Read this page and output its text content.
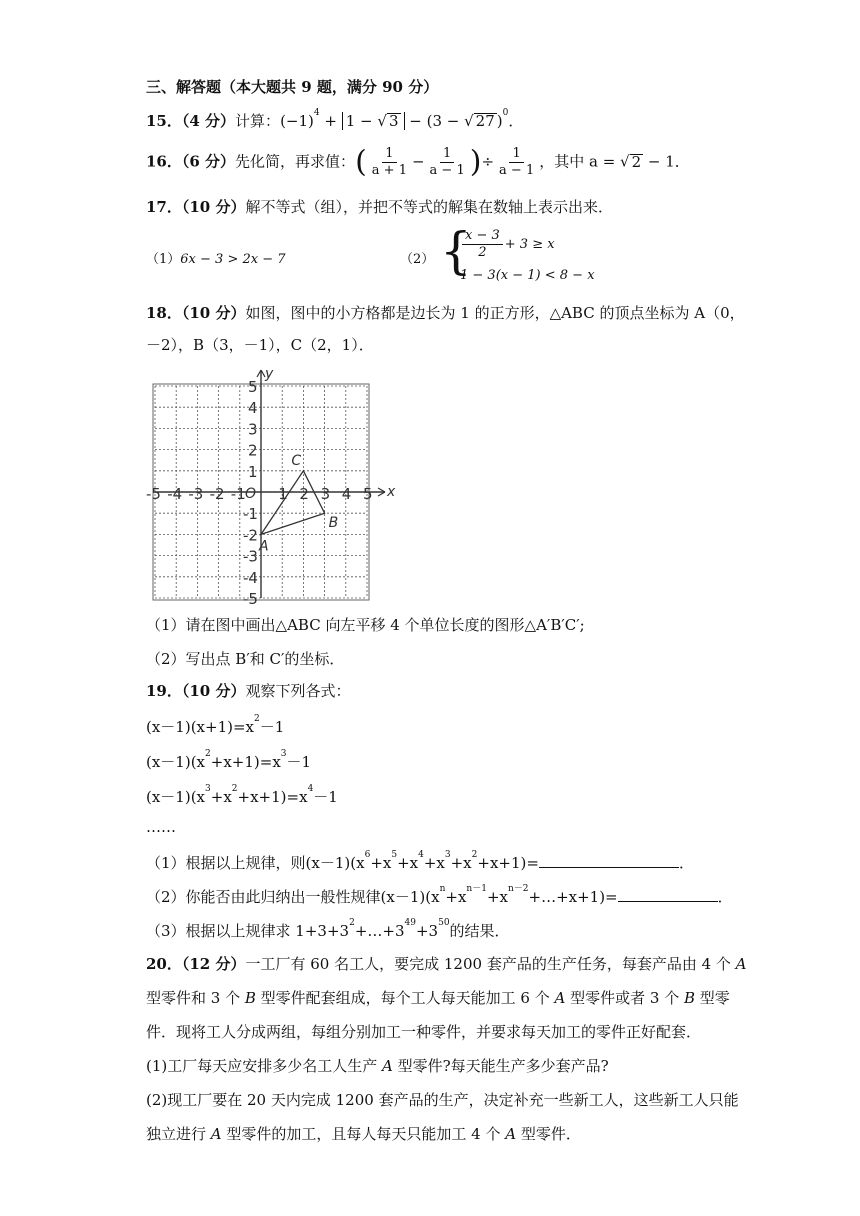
三、解答题（本大题共 9 题，满分 90 分）
15．（4 分）计算：$(-1)^4 + 1$ − √ 3 − (3 − √ 27 )$^0$．
16．（6 分）先化简，再求值：( $\frac{1}{a + 1} - \frac{1}{a - 1}$ )÷ $\frac{1}{a - 1}$ ，其中 a = √ 2 − 1．
17．（10 分）解不等式（组），并把不等式的解集在数轴上表示出来．
（1）6x − 3 > 2x − 7	（2） {
$\frac{x - 3}{2} + 3 \ge x$
1 − 3(x − 1) < 8 − x
18．（10 分）如图，图中的小方格都是边长为 1 的正方形，△ABC 的顶点坐标为 A（0，
－2），B（3，－1），C（2，1）．
x
y
O
-5 -4 -3 -2 -1 1 2 3 4 5
5
4
3
2
1
-1
-2
-3
-4
-5
A
B
C
（1）请在图中画出△ABC 向左平移 4 个单位长度的图形△A′B′C′;
（2）写出点 B′和 C′的坐标．
19．（10 分）观察下列各式：
$(x-1)(x+1)=x^2-1$
$(x-1)(x^2+x+1)=x^3-1$
$(x-1)(x^3+x^2+x+1)=x^4-1$
……
（1）根据以上规律，则$(x-1)(x^6+x^5+x^4+x^3+x^2+x+1)=$	．
（2）你能否由此归纳出一般性规律$(x-1)(x^n+x^{n-1}+x^{n-2}+\dots+x+1)=$	．
（3）根据以上规律求 $1+3+3^2+\dots+3^{49}+3^{50}$的结果．
20．（12 分）一工厂有 60 名工人，要完成 1200 套产品的生产任务，每套产品由 4 个 A
型零件和 3 个 B 型零件配套组成，每个工人每天能加工 6 个 A 型零件或者 3 个 B 型零
件．现将工人分成两组，每组分别加工一种零件，并要求每天加工的零件正好配套．
(1)工厂每天应安排多少名工人生产 A 型零件?每天能生产多少套产品?
(2)现工厂要在 20 天内完成 1200 套产品的生产，决定补充一些新工人，这些新工人只能
独立进行 A 型零件的加工，且每人每天只能加工 4 个 A 型零件．
